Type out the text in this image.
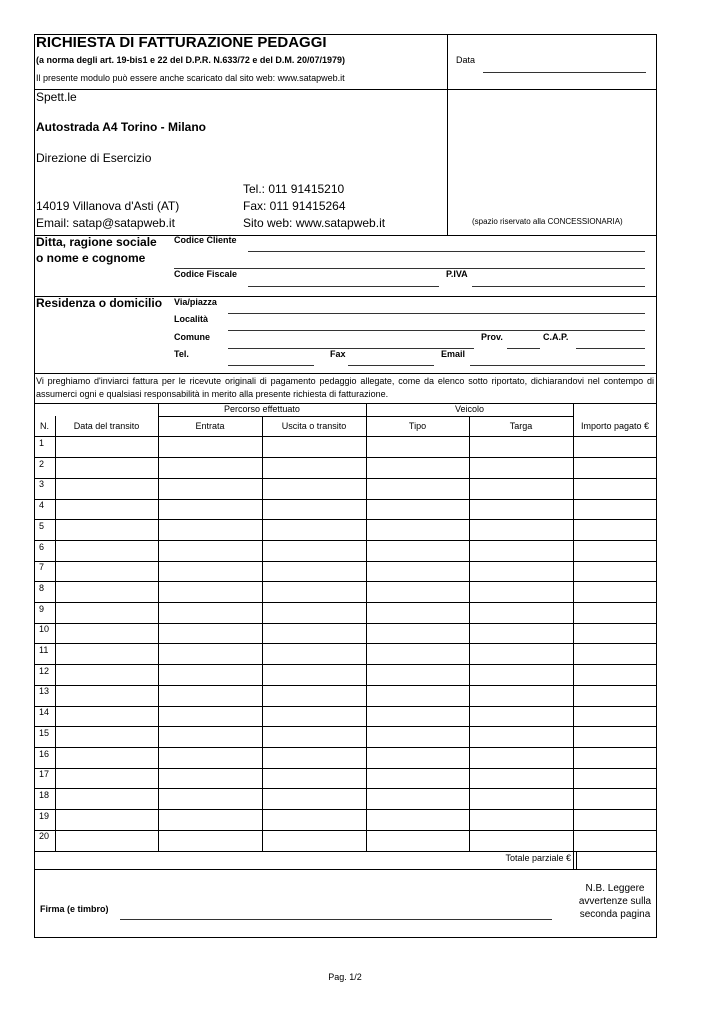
RICHIESTA DI FATTURAZIONE PEDAGGI
(a norma degli art. 19-bis1 e 22 del D.P.R. N.633/72 e del D.M. 20/07/1979)
Il presente modulo può essere anche scaricato dal sito web: www.satapweb.it
Data
Spett.le
Autostrada A4 Torino - Milano
Direzione di Esercizio
Tel.: 011 91415210
14019 Villanova d'Asti (AT)	Fax: 011 91415264
Email: satap@satapweb.it	Sito web: www.satapweb.it	(spazio riservato alla CONCESSIONARIA)
Ditta, ragione sociale
o nome e cognome
Codice Cliente
Codice Fiscale	P.IVA
Residenza o domicilio Via/piazza
Località
Comune	Prov.	C.A.P.
Tel.	Fax	Email
Vi preghiamo d'inviarci fattura per le ricevute originali di pagamento pedaggio allegate, come da elenco sotto riportato, dichiarandovi nel contempo di assumerci ogni e qualsiasi responsabilità in merito alla presente richiesta di fatturazione.
Percorso effettuato	Veicolo
N.	Data del transito	Entrata	Uscita o transito	Tipo	Targa	Importo pagato €
1
2
3
4
5
6
7
8
9
10
11
12
13
14
15
16
17
18
19
20
Totale parziale €
Firma (e timbro)
N.B. Leggere
avvertenze sulla
seconda pagina
Pag. 1/2
